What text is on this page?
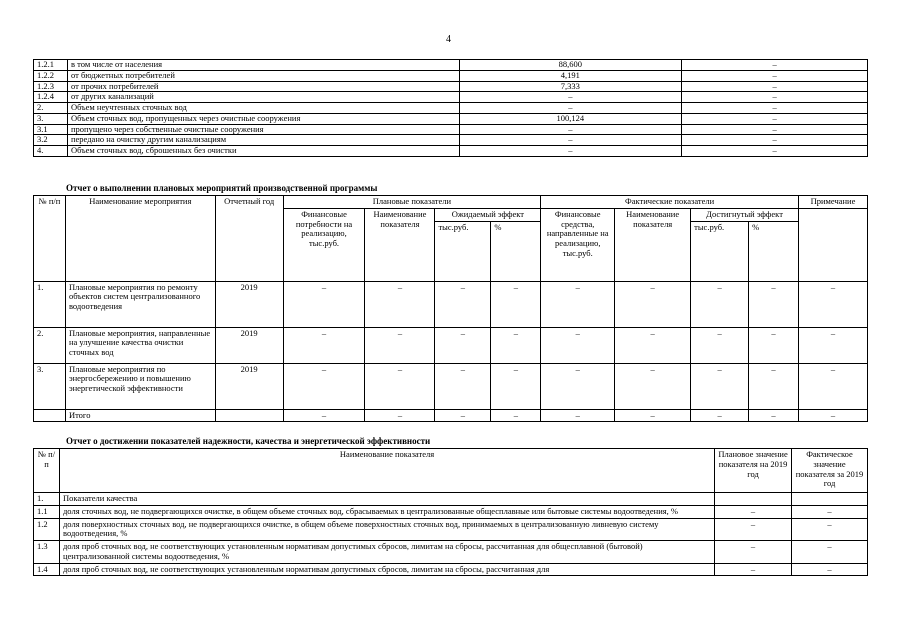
4
1.2.1	в том числе от населения	88,600	–
1.2.2	от бюджетных потребителей	4,191	–
1.2.3	от прочих потребителей	7,333	–
1.2.4	от других канализаций	–	–
2.	Объем неучтенных сточных вод	–	–
3.	Объем сточных вод, пропущенных через очистные сооружения	100,124	–
3.1	пропущено через собственные очистные сооружения	–	–
3.2	передано на очистку другим канализациям	–	–
4.	Объем сточных вод, сброшенных без очистки	–	–
Отчет о выполнении плановых мероприятий производственной программы
№ п/п	Наименование мероприятия	Отчетный год	Плановые показатели				Фактические показатели				Примечание
			Финансовые потребности на реализацию, тыс.руб.	Наименование показателя	Ожидаемый эффект		Финансовые средства, направленные на реализацию, тыс.руб.	Наименование показателя	Достигнутый эффект		
					тыс.руб.	%			тыс.руб.	%	
1.	Плановые мероприятия по ремонту объектов систем централизованного водоотведения	2019	–	–	–	–	–	–	–	–	–
2.	Плановые мероприятия, направленные на улучшение качества очистки сточных вод	2019	–	–	–	–	–	–	–	–	–
3.	Плановые мероприятия по энергосбережению и повышению энергетической эффективности	2019	–	–	–	–	–	–	–	–	–
	Итого		–	–	–	–	–	–	–	–	–
Отчет о достижении показателей надежности, качества и энергетической эффективности
№ п/п	Наименование показателя	Плановое значение показателя на 2019 год	Фактическое значение показателя за 2019 год
1.	Показатели качества		
1.1	доля сточных вод, не подвергающихся очистке, в общем объеме сточных вод, сбрасываемых в централизованные общесплавные или бытовые системы водоотведения, %	–	–
1.2	доля поверхностных сточных вод, не подвергающихся очистке, в общем объеме поверхностных сточных вод, принимаемых в централизованную ливневую систему водоотведения, %	–	–
1.3	доля проб сточных вод, не соответствующих установленным нормативам допустимых сбросов, лимитам на сбросы, рассчитанная для общесплавной (бытовой) централизованной системы водоотведения, %	–	–
1.4	доля проб сточных вод, не соответствующих установленным нормативам допустимых сбросов, лимитам на сбросы, рассчитанная для	–	–
